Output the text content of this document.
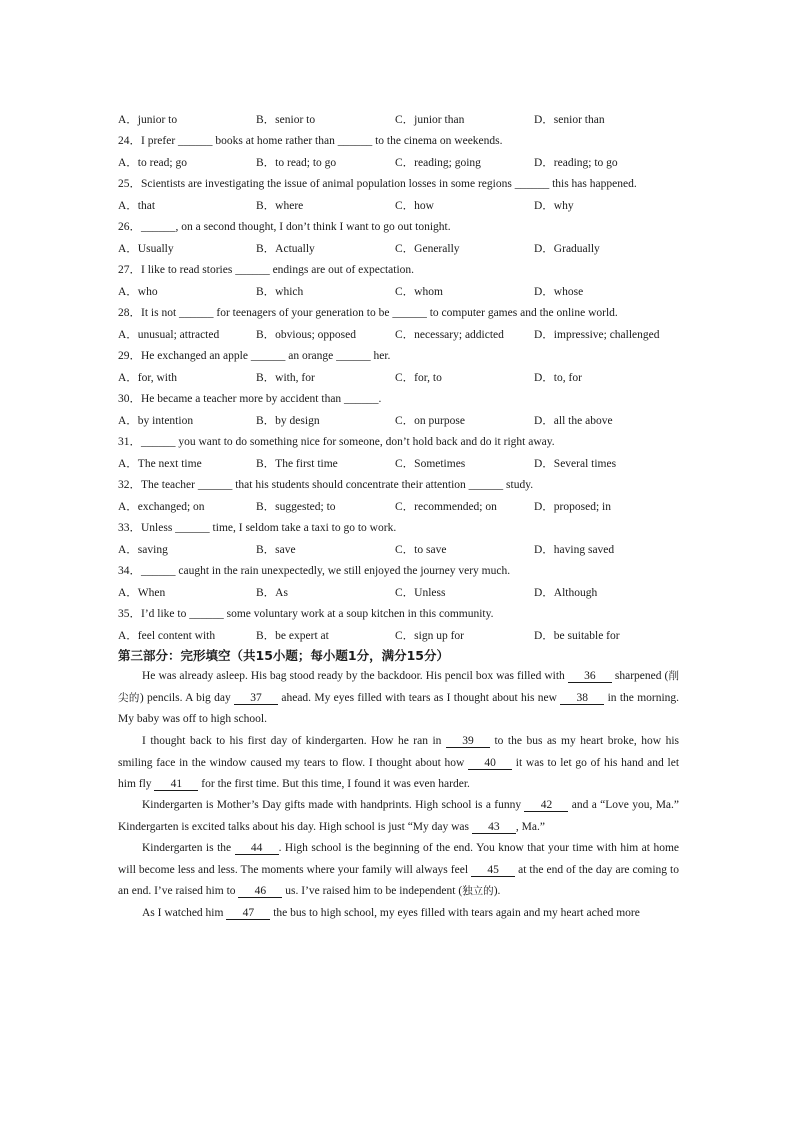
A．junior to	B．senior to	C．junior than	D．senior than
24．I prefer ______ books at home rather than ______ to the cinema on weekends.
A．to read; go	B．to read; to go	C．reading; going	D．reading; to go
25．Scientists are investigating the issue of animal population losses in some regions ______ this has happened.
A．that	B．where	C．how	D．why
26．______, on a second thought, I don’t think I want to go out tonight.
A．Usually	B．Actually	C．Generally	D．Gradually
27．I like to read stories ______ endings are out of expectation.
A．who	B．which	C．whom	D．whose
28．It is not ______ for teenagers of your generation to be ______ to computer games and the online world.
A．unusual; attracted	B．obvious; opposed	C．necessary; addicted	D．impressive; challenged
29．He exchanged an apple ______ an orange ______ her.
A．for, with	B．with, for	C．for, to	D．to, for
30．He became a teacher more by accident than ______.
A．by intention	B．by design	C．on purpose	D．all the above
31．______ you want to do something nice for someone, don’t hold back and do it right away.
A．The next time	B．The first time	C．Sometimes	D．Several times
32．The teacher ______ that his students should concentrate their attention ______ study.
A．exchanged; on	B．suggested; to	C．recommended; on	D．proposed; in
33．Unless ______ time, I seldom take a taxi to go to work.
A．saving	B．save	C．to save	D．having saved
34．______ caught in the rain unexpectedly, we still enjoyed the journey very much.
A．When	B．As	C．Unless	D．Although
35．I’d like to ______ some voluntary work at a soup kitchen in this community.
A．feel content with	B．be expert at	C．sign up for	D．be suitable for
第三部分：完形填空（共15小题；每小题1分，满分15分）
He was already asleep. His bag stood ready by the backdoor. His pencil box was filled with 36 sharpened (削尖的) pencils. A big day 37 ahead. My eyes filled with tears as I thought about his new 38 in the morning. My baby was off to high school.
I thought back to his first day of kindergarten. How he ran in 39 to the bus as my heart broke, how his smiling face in the window caused my tears to flow. I thought about how 40 it was to let go of his hand and let him fly 41 for the first time. But this time, I found it was even harder.
Kindergarten is Mother’s Day gifts made with handprints. High school is a funny 42 and a “Love you, Ma.” Kindergarten is excited talks about his day. High school is just “My day was 43 , Ma.”
Kindergarten is the 44 . High school is the beginning of the end. You know that your time with him at home will become less and less. The moments where your family will always feel 45 at the end of the day are coming to an end. I’ve raised him to 46 us. I’ve raised him to be independent (独立的).
As I watched him 47 the bus to high school, my eyes filled with tears again and my heart ached more
